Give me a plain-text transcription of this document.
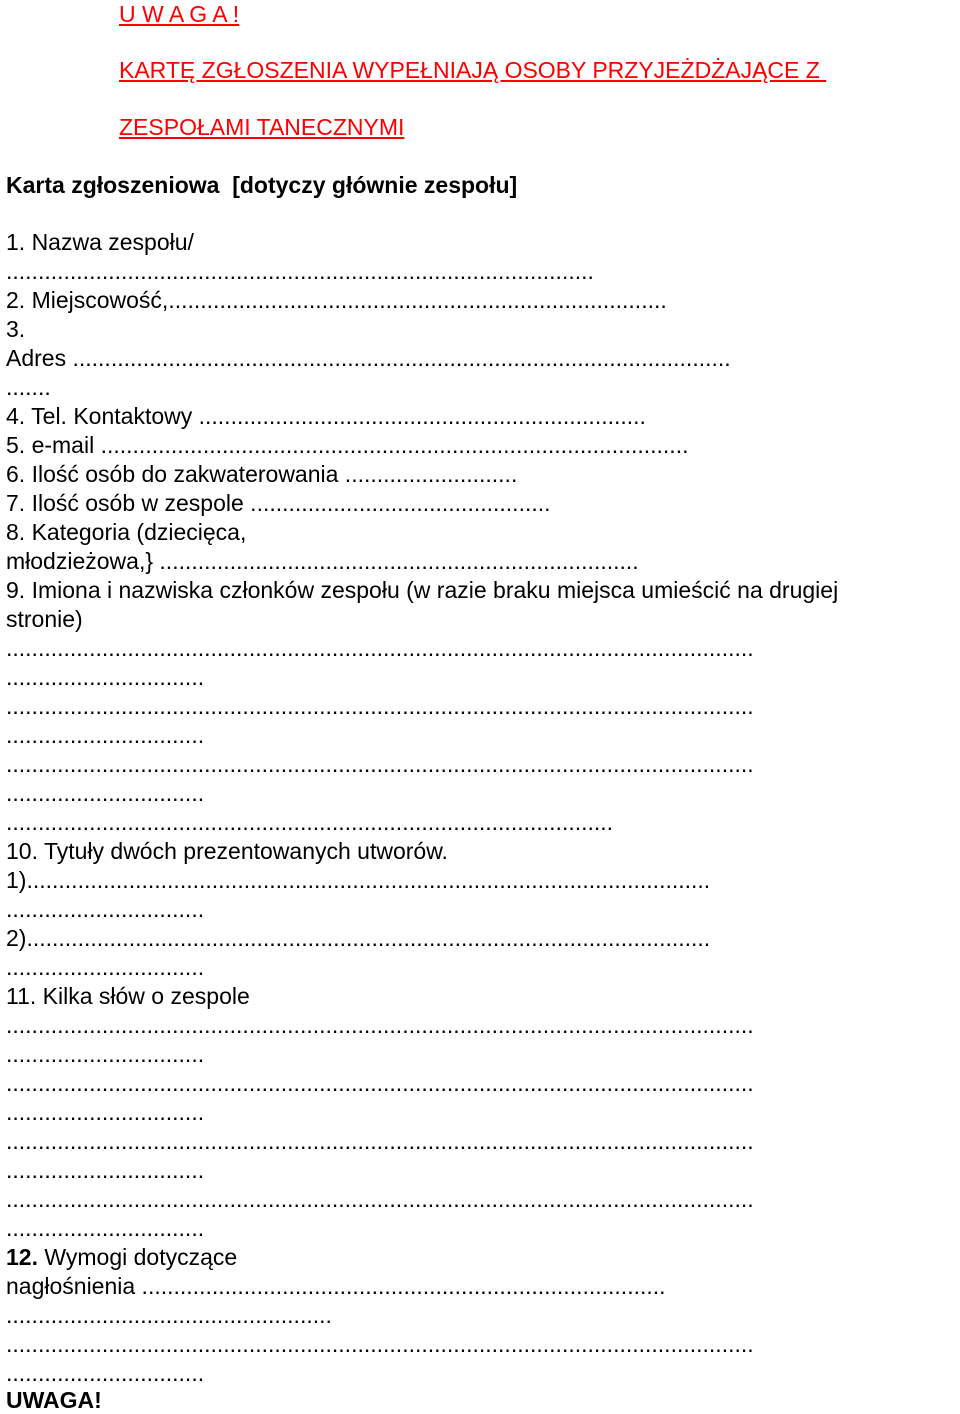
U W A G A !

KARTĘ ZGŁOSZENIA WYPEŁNIAJĄ OSOBY PRZYJEŻDŻAJĄCE Z

ZESPOŁAMI TANECZNYMI

Karta zgłoszeniowa  [dotyczy głównie zespołu]

1. Nazwa zespołu/

............................................................................................

2. Miejscowość,..............................................................................

3.

Adres .......................................................................................................

.......

4. Tel. Kontaktowy ......................................................................

5. e-mail ............................................................................................

6. Ilość osób do zakwaterowania ...........................

7. Ilość osób w zespole ...............................................

8. Kategoria (dziecięca,

młodzieżowa,} ...........................................................................

9. Imiona i nazwiska członków zespołu (w razie braku miejsca umieścić na drugiej

stronie)

.....................................................................................................................

...............................

.....................................................................................................................

...............................

.....................................................................................................................

...............................

...............................................................................................

10. Tytuły dwóch prezentowanych utworów.

1)...........................................................................................................

...............................

2)...........................................................................................................

...............................

11. Kilka słów o zespole

.....................................................................................................................

...............................

.....................................................................................................................

...............................

.....................................................................................................................

...............................

.....................................................................................................................

...............................

12. Wymogi dotyczące

nagłośnienia ..................................................................................

...................................................

.....................................................................................................................

...............................

UWAGA!
